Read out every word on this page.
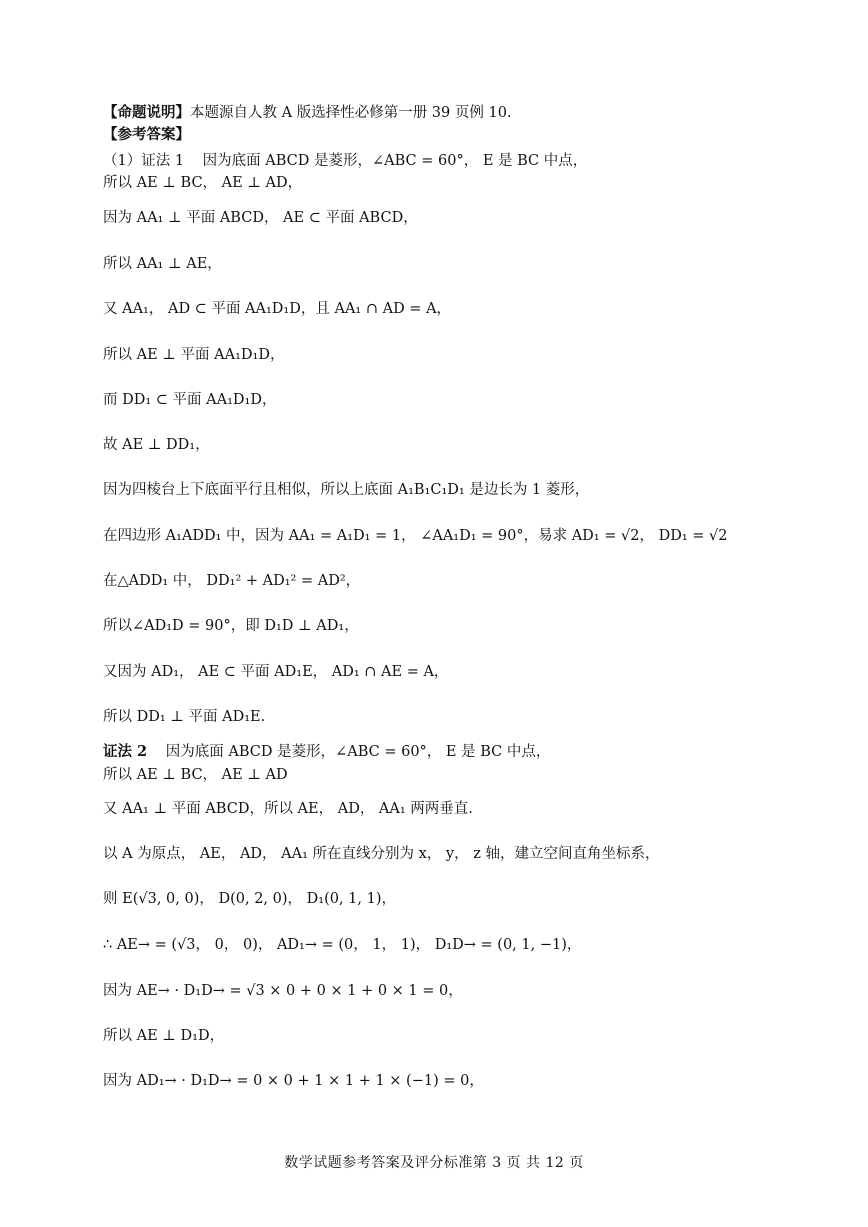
【命题说明】本题源自人教 A 版选择性必修第一册 39 页例 10.
【参考答案】
（1）证法 1 因为底面 ABCD 是菱形，∠ABC = 60°， E 是 BC 中点，
所以 AE ⊥ BC， AE ⊥ AD，
因为 AA₁ ⊥ 平面 ABCD， AE ⊂ 平面 ABCD，
所以 AA₁ ⊥ AE，
又 AA₁， AD ⊂ 平面 AA₁D₁D，且 AA₁ ∩ AD = A，
所以 AE ⊥ 平面 AA₁D₁D，
而 DD₁ ⊂ 平面 AA₁D₁D，
故 AE ⊥ DD₁，
因为四棱台上下底面平行且相似，所以上底面 A₁B₁C₁D₁ 是边长为 1 菱形，
在四边形 A₁ADD₁ 中，因为 AA₁ = A₁D₁ = 1， ∠AA₁D₁ = 90°，易求 AD₁ = √2， DD₁ = √2
在△ADD₁ 中， DD₁² + AD₁² = AD²，
所以∠AD₁D = 90°，即 D₁D ⊥ AD₁，
又因为 AD₁， AE ⊂ 平面 AD₁E， AD₁ ∩ AE = A，
所以 DD₁ ⊥ 平面 AD₁E.
证法 2 因为底面 ABCD 是菱形，∠ABC = 60°， E 是 BC 中点，
所以 AE ⊥ BC， AE ⊥ AD
又 AA₁ ⊥ 平面 ABCD，所以 AE， AD， AA₁ 两两垂直.
以 A 为原点， AE， AD， AA₁ 所在直线分别为 x， y， z 轴，建立空间直角坐标系，
则 E(√3, 0, 0)， D(0, 2, 0)， D₁(0, 1, 1)，
∴ AE→ = (√3， 0， 0)， AD₁→ = (0， 1， 1)， D₁D→ = (0, 1, −1)，
因为 AE→ · D₁D→ = √3 × 0 + 0 × 1 + 0 × 1 = 0，
所以 AE ⊥ D₁D，
因为 AD₁→ · D₁D→ = 0 × 0 + 1 × 1 + 1 × (−1) = 0，
数学试题参考答案及评分标准第 3 页 共 12 页
